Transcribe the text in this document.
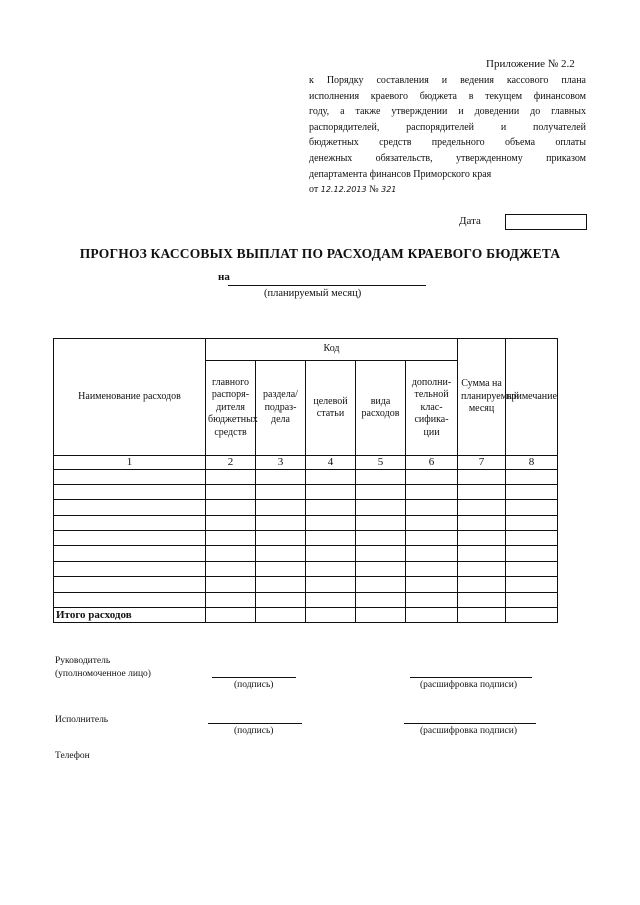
Приложение № 2.2
к Порядку составления и ведения кассового плана
исполнения краевого бюджета в текущем финансовом
году, а также утверждении и доведении до главных
распорядителей, распорядителей и получателей
бюджетных средств предельного объема оплаты
денежных обязательств, утвержденному приказом
департамента финансов Приморского края
от 12.12.2013 № 321
Дата
ПРОГНОЗ КАССОВЫХ ВЫПЛАТ ПО РАСХОДАМ КРАЕВОГО БЮДЖЕТА
на
(планируемый месяц)
Наименование расходов	Код					Сумма на планируемый месяц	примечание

	главного распоря-дителя бюджетных средств	раздела/ подраз-дела	целевой статьи	вида расходов	дополни-тельной клас-сифика-ции		

1	2	3	4	5	6	7	8

Итого расходов							
Руководитель
(уполномоченное лицо)
(подпись)	(расшифровка подписи)
Исполнитель
(подпись)	(расшифровка подписи)
Телефон
